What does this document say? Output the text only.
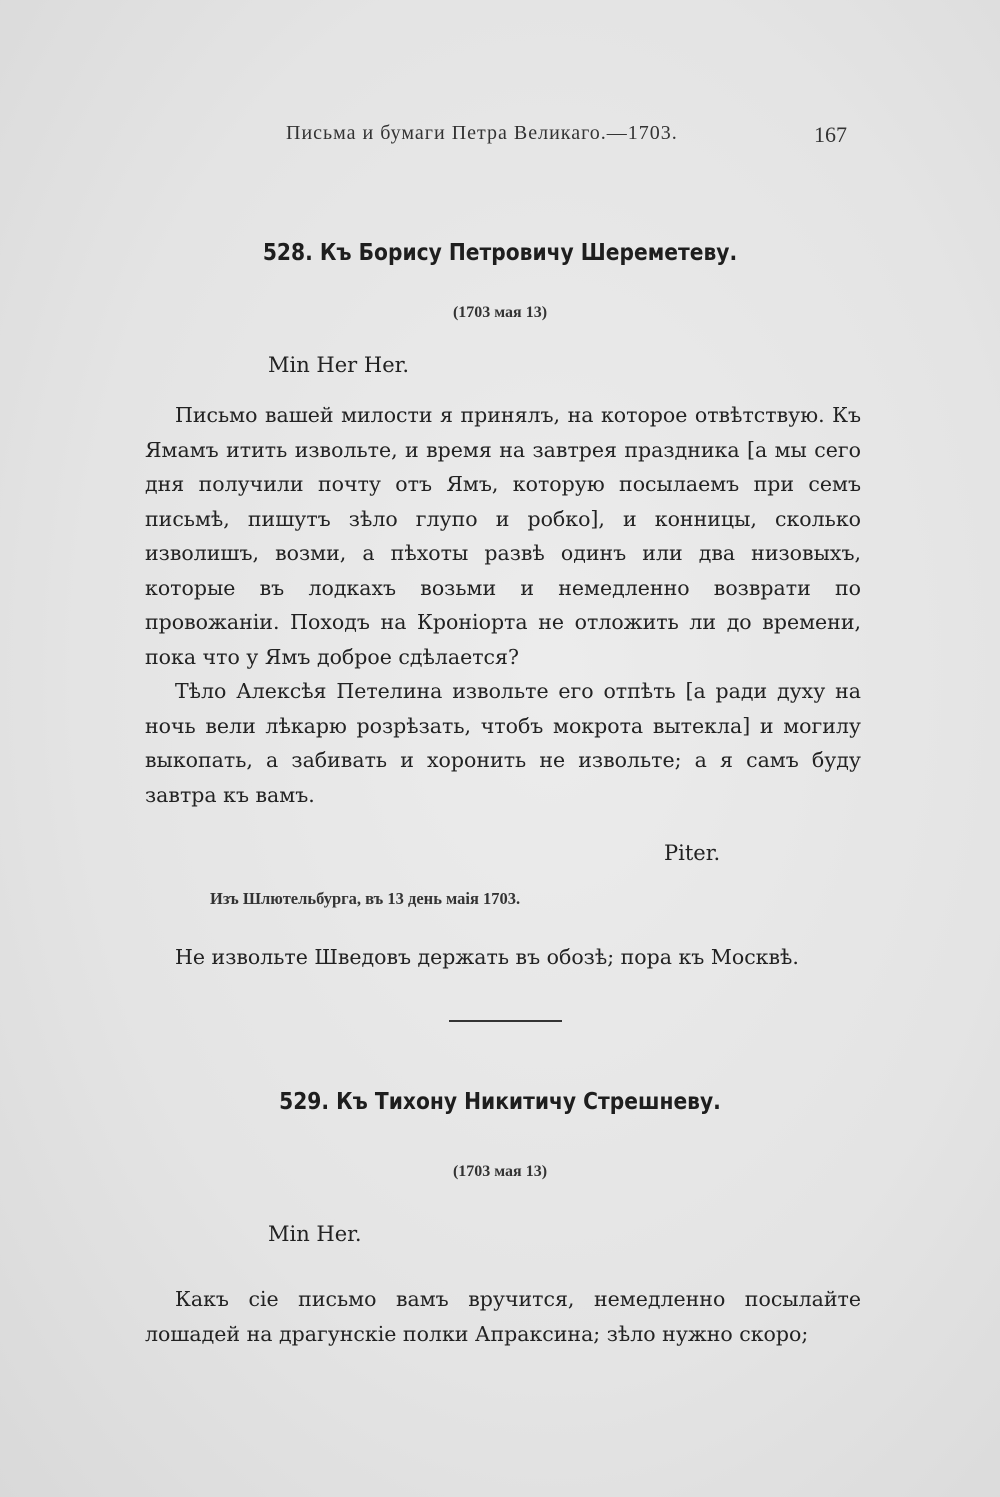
Письма и бумаги Петра Великаго.—1703.	167
528. Къ Борису Петровичу Шереметеву.
(1703 мая 13)
Min Her Her.

Письмо вашей милости я принялъ, на которое отвѣтствую. Къ Ямамъ итить извольте, и время на завтрея праздника [а мы сего дня получили почту отъ Ямъ, которую посылаемъ при семъ письмѣ, пишутъ зѣло глупо и робко], и конницы, сколько изволишъ, возми, а пѣхоты развѣ одинъ или два низовыхъ, которые въ лодкахъ возьми и немедленно возврати по провожаніи. Походъ на Кроніорта не отложить ли до времени, пока что у Ямъ доброе сдѣлается?

Тѣло Алексѣя Петелина извольте его отпѣть [а ради духу на ночь вели лѣкарю розрѣзать, чтобъ мокрота вытекла] и могилу выкопать, а забивать и хоронить не извольте; а я самъ буду завтра къ вамъ.

Piter.
Изъ Шлютельбурга, въ 13 день маія 1703.
Не извольте Шведовъ держать въ обозѣ; пора къ Москвѣ.
529. Къ Тихону Никитичу Стрешневу.
(1703 мая 13)
Min Her.

Какъ сіе письмо вамъ вручится, немедленно посылайте лошадей на драгунскіе полки Апраксина; зѣло нужно скоро;
